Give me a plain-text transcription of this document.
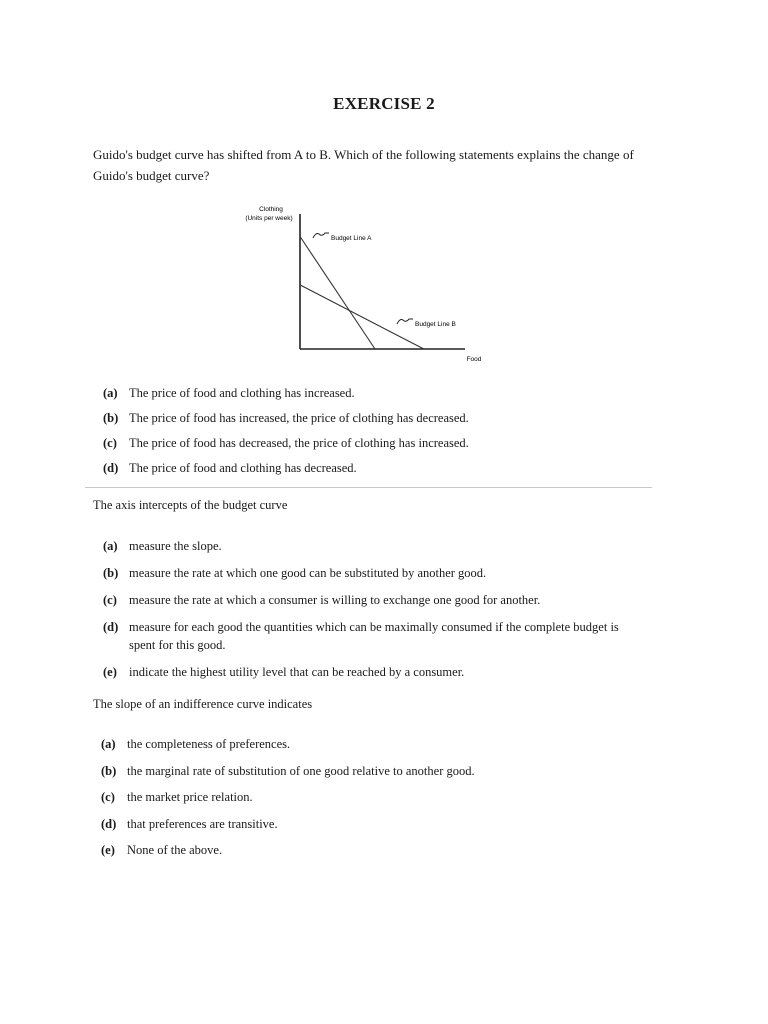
EXERCISE 2
Guido's budget curve has shifted from A to B. Which of the following statements explains the change of Guido's budget curve?
Clothing
(Units per week)
Food
Budget Line A
Budget Line B
(a) The price of food and clothing has increased.
(b) The price of food has increased, the price of clothing has decreased.
(c) The price of food has decreased, the price of clothing has increased.
(d) The price of food and clothing has decreased.
The axis intercepts of the budget curve
(a) measure the slope.
(b) measure the rate at which one good can be substituted by another good.
(c) measure the rate at which a consumer is willing to exchange one good for another.
(d) measure for each good the quantities which can be maximally consumed if the complete budget is spent for this good.
(e) indicate the highest utility level that can be reached by a consumer.
The slope of an indifference curve indicates
(a) the completeness of preferences.
(b) the marginal rate of substitution of one good relative to another good.
(c) the market price relation.
(d) that preferences are transitive.
(e) None of the above.
